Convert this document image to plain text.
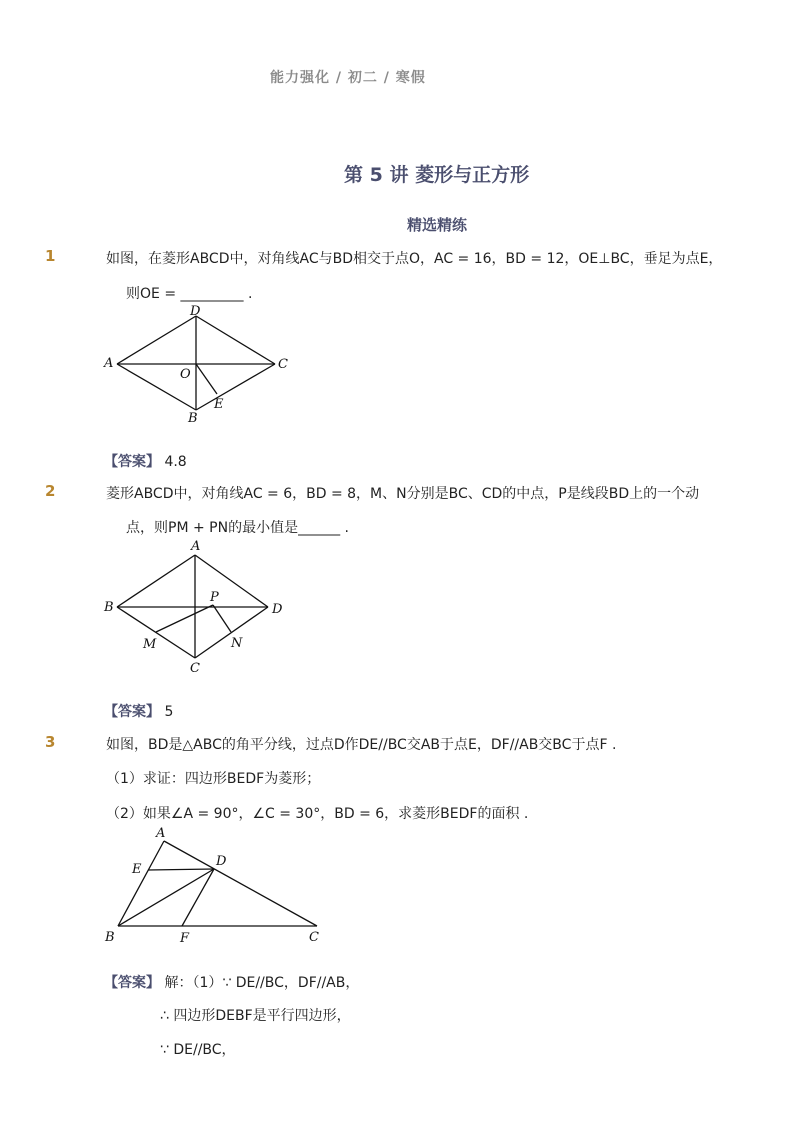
能力强化 / 初二 / 寒假
第 5 讲 菱形与正方形
精选精练
1	如图，在菱形ABCD中，对角线AC与BD相交于点O，AC = 16，BD = 12，OE⊥BC，垂足为点E，
则OE = _________ .
D
A	C
O
E
B
【答案】 4.8
2	菱形ABCD中，对角线AC = 6，BD = 8，M、N分别是BC、CD的中点，P是线段BD上的一个动
点，则PM + PN的最小值是______ .
A
B	D
P
M	N
C
【答案】 5
3	如图，BD是△ABC的角平分线，过点D作DE//BC交AB于点E，DF//AB交BC于点F .
（1）求证：四边形BEDF为菱形；
（2）如果∠A = 90°，∠C = 30°，BD = 6，求菱形BEDF的面积 .
A
D
E
B	F	C
【答案】 解：（1）∵ DE//BC，DF//AB，
∴ 四边形DEBF是平行四边形，
∵ DE//BC，
